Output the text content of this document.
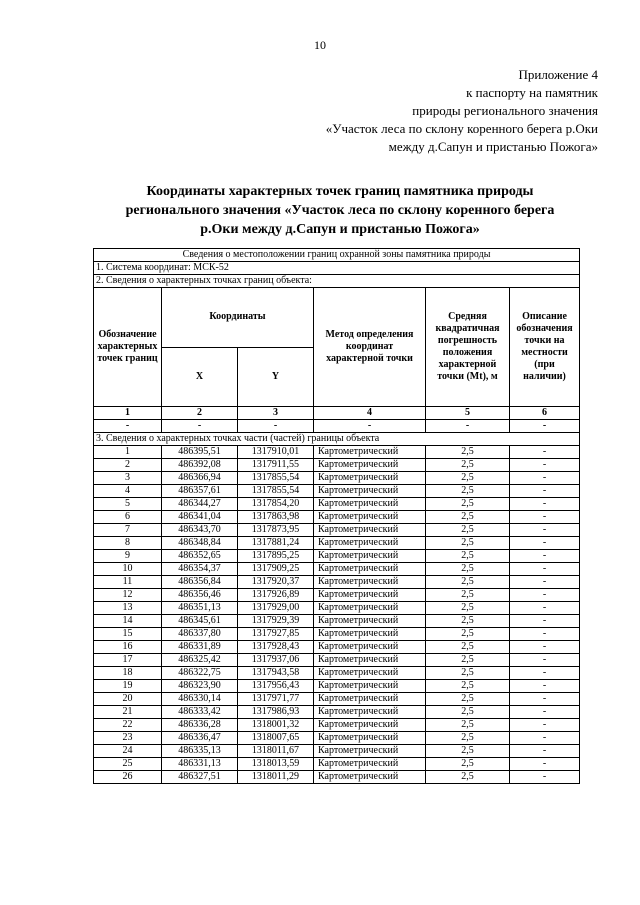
10
Приложение 4
к паспорту на памятник
природы регионального значения
«Участок леса по склону коренного берега р.Оки
между д.Сапун и пристанью Пожога»
Координаты характерных точек границ памятника природы
регионального значения «Участок леса по склону коренного берега
р.Оки между д.Сапун и пристанью Пожога»
Сведения о местоположении границ охранной зоны памятника природы					
1. Система координат: МСК-52					
2. Сведения о характерных точках границ объекта:					
Обозначение характерных точек границ	Координаты		Метод определения координат характерной точки	Средняя квадратичная погрешность положения характерной точки (Mt), м	Описание обозначения точки на местности (при наличии)
	X	Y			
1	2	3	4	5	6
-	-	-	-	-	-
3. Сведения о характерных точках части (частей) границы объекта					
1	486395,51	1317910,01	Картометрический	2,5	-
2	486392,08	1317911,55	Картометрический	2,5	-
3	486366,94	1317855,54	Картометрический	2,5	-
4	486357,61	1317855,54	Картометрический	2,5	-
5	486344,27	1317854,20	Картометрический	2,5	-
6	486341,04	1317863,98	Картометрический	2,5	-
7	486343,70	1317873,95	Картометрический	2,5	-
8	486348,84	1317881,24	Картометрический	2,5	-
9	486352,65	1317895,25	Картометрический	2,5	-
10	486354,37	1317909,25	Картометрический	2,5	-
11	486356,84	1317920,37	Картометрический	2,5	-
12	486356,46	1317926,89	Картометрический	2,5	-
13	486351,13	1317929,00	Картометрический	2,5	-
14	486345,61	1317929,39	Картометрический	2,5	-
15	486337,80	1317927,85	Картометрический	2,5	-
16	486331,89	1317928,43	Картометрический	2,5	-
17	486325,42	1317937,06	Картометрический	2,5	-
18	486322,75	1317943,58	Картометрический	2,5	-
19	486323,90	1317956,43	Картометрический	2,5	-
20	486330,14	1317971,77	Картометрический	2,5	-
21	486333,42	1317986,93	Картометрический	2,5	-
22	486336,28	1318001,32	Картометрический	2,5	-
23	486336,47	1318007,65	Картометрический	2,5	-
24	486335,13	1318011,67	Картометрический	2,5	-
25	486331,13	1318013,59	Картометрический	2,5	-
26	486327,51	1318011,29	Картометрический	2,5	-
